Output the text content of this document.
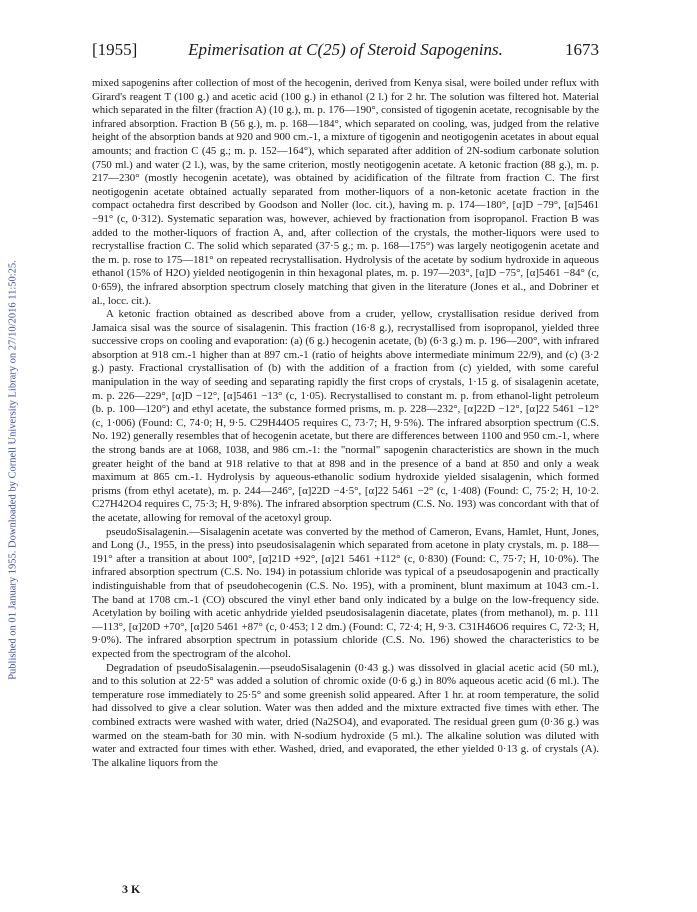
Published on 01 January 1955. Downloaded by Cornell University Library on 27/10/2016 11:50:25.
[1955]	Epimerisation at C(25) of Steroid Sapogenins.	1673

mixed sapogenins after collection of most of the hecogenin, derived from Kenya sisal, were boiled under reflux with Girard's reagent T (100 g.) and acetic acid (100 g.) in ethanol (2 l.) for 2 hr. The solution was filtered hot. Material which separated in the filter (fraction A) (10 g.), m. p. 176—190°, consisted of tigogenin acetate, recognisable by the infrared absorption. Fraction B (56 g.), m. p. 168—184°, which separated on cooling, was, judged from the relative height of the absorption bands at 920 and 900 cm.-1, a mixture of tigogenin and neotigogenin acetates in about equal amounts; and fraction C (45 g.; m. p. 152—164°), which separated after addition of 2N-sodium carbonate solution (750 ml.) and water (2 l.), was, by the same criterion, mostly neotigogenin acetate. A ketonic fraction (88 g.), m. p. 217—230° (mostly hecogenin acetate), was obtained by acidification of the filtrate from fraction C. The first neotigogenin acetate obtained actually separated from mother-liquors of a non-ketonic acetate fraction in the compact octahedra first described by Goodson and Noller (loc. cit.), having m. p. 174—180°, [α]D −79°, [α]5461 −91° (c, 0·312). Systematic separation was, however, achieved by fractionation from isopropanol. Fraction B was added to the mother-liquors of fraction A, and, after collection of the crystals, the mother-liquors were used to recrystallise fraction C. The solid which separated (37·5 g.; m. p. 168—175°) was largely neotigogenin acetate and the m. p. rose to 175—181° on repeated recrystallisation. Hydrolysis of the acetate by sodium hydroxide in aqueous ethanol (15% of H2O) yielded neotigogenin in thin hexagonal plates, m. p. 197—203°, [α]D −75°, [α]5461 −84° (c, 0·659), the infrared absorption spectrum closely matching that given in the literature (Jones et al., and Dobriner et al., locc. cit.).

A ketonic fraction obtained as described above from a cruder, yellow, crystallisation residue derived from Jamaica sisal was the source of sisalagenin. This fraction (16·8 g.), recrystallised from isopropanol, yielded three successive crops on cooling and evaporation: (a) (6 g.) hecogenin acetate, (b) (6·3 g.) m. p. 196—200°, with infrared absorption at 918 cm.-1 higher than at 897 cm.-1 (ratio of heights above intermediate minimum 22/9), and (c) (3·2 g.) pasty. Fractional crystallisation of (b) with the addition of a fraction from (c) yielded, with some careful manipulation in the way of seeding and separating rapidly the first crops of crystals, 1·15 g. of sisalagenin acetate, m. p. 226—229°, [α]D −12°, [α]5461 −13° (c, 1·05). Recrystallised to constant m. p. from ethanol-light petroleum (b. p. 100—120°) and ethyl acetate, the substance formed prisms, m. p. 228—232°, [α]22D −12°, [α]22 5461 −12° (c, 1·006) (Found: C, 74·0; H, 9·5. C29H44O5 requires C, 73·7; H, 9·5%). The infrared absorption spectrum (C.S. No. 192) generally resembles that of hecogenin acetate, but there are differences between 1100 and 950 cm.-1, where the strong bands are at 1068, 1038, and 986 cm.-1: the "normal" sapogenin characteristics are shown in the much greater height of the band at 918 relative to that at 898 and in the presence of a band at 850 and only a weak maximum at 865 cm.-1. Hydrolysis by aqueous-ethanolic sodium hydroxide yielded sisalagenin, which formed prisms (from ethyl acetate), m. p. 244—246°, [α]22D −4·5°, [α]22 5461 −2° (c, 1·408) (Found: C, 75·2; H, 10·2. C27H42O4 requires C, 75·3; H, 9·8%). The infrared absorption spectrum (C.S. No. 193) was concordant with that of the acetate, allowing for removal of the acetoxyl group.

pseudoSisalagenin.—Sisalagenin acetate was converted by the method of Cameron, Evans, Hamlet, Hunt, Jones, and Long (J., 1955, in the press) into pseudosisalagenin which separated from acetone in platy crystals, m. p. 188—191° after a transition at about 100°, [α]21D +92°, [α]21 5461 +112° (c, 0·830) (Found: C, 75·7; H, 10·0%). The infrared absorption spectrum (C.S. No. 194) in potassium chloride was typical of a pseudosapogenin and practically indistinguishable from that of pseudohecogenin (C.S. No. 195), with a prominent, blunt maximum at 1043 cm.-1. The band at 1708 cm.-1 (CO) obscured the vinyl ether band only indicated by a bulge on the low-frequency side. Acetylation by boiling with acetic anhydride yielded pseudosisalagenin diacetate, plates (from methanol), m. p. 111—113°, [α]20D +70°, [α]20 5461 +87° (c, 0·453; l 2 dm.) (Found: C, 72·4; H, 9·3. C31H46O6 requires C, 72·3; H, 9·0%). The infrared absorption spectrum in potassium chloride (C.S. No. 196) showed the characteristics to be expected from the spectrogram of the alcohol.

Degradation of pseudoSisalagenin.—pseudoSisalagenin (0·43 g.) was dissolved in glacial acetic acid (50 ml.), and to this solution at 22·5° was added a solution of chromic oxide (0·6 g.) in 80% aqueous acetic acid (6 ml.). The temperature rose immediately to 25·5° and some greenish solid appeared. After 1 hr. at room temperature, the solid had dissolved to give a clear solution. Water was then added and the mixture extracted five times with ether. The combined extracts were washed with water, dried (Na2SO4), and evaporated. The residual green gum (0·36 g.) was warmed on the steam-bath for 30 min. with N-sodium hydroxide (5 ml.). The alkaline solution was diluted with water and extracted four times with ether. Washed, dried, and evaporated, the ether yielded 0·13 g. of crystals (A). The alkaline liquors from the

3 K
